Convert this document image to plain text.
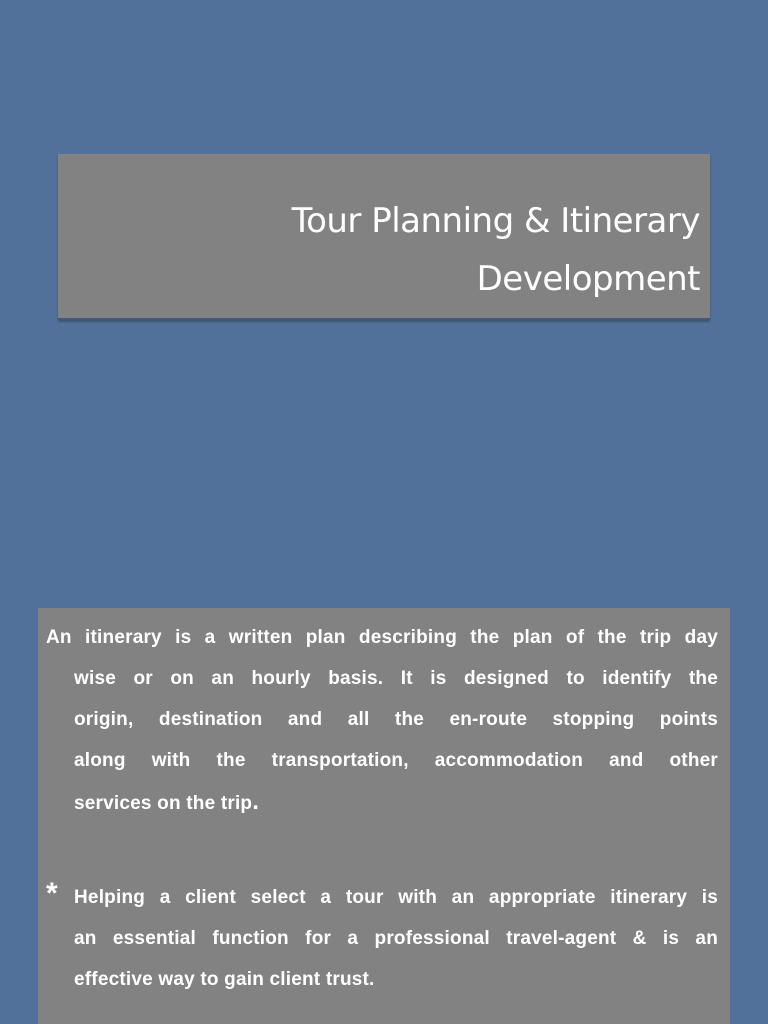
Tour Planning & Itinerary
Development
An itinerary is a written plan describing the plan of the trip day
wise or on an hourly basis. It is designed to identify the
origin, destination and all the en-route stopping points
along with the transportation, accommodation and other
services on the trip.
* Helping a client select a tour with an appropriate itinerary is
an essential function for a professional travel-agent & is an
effective way to gain client trust.
